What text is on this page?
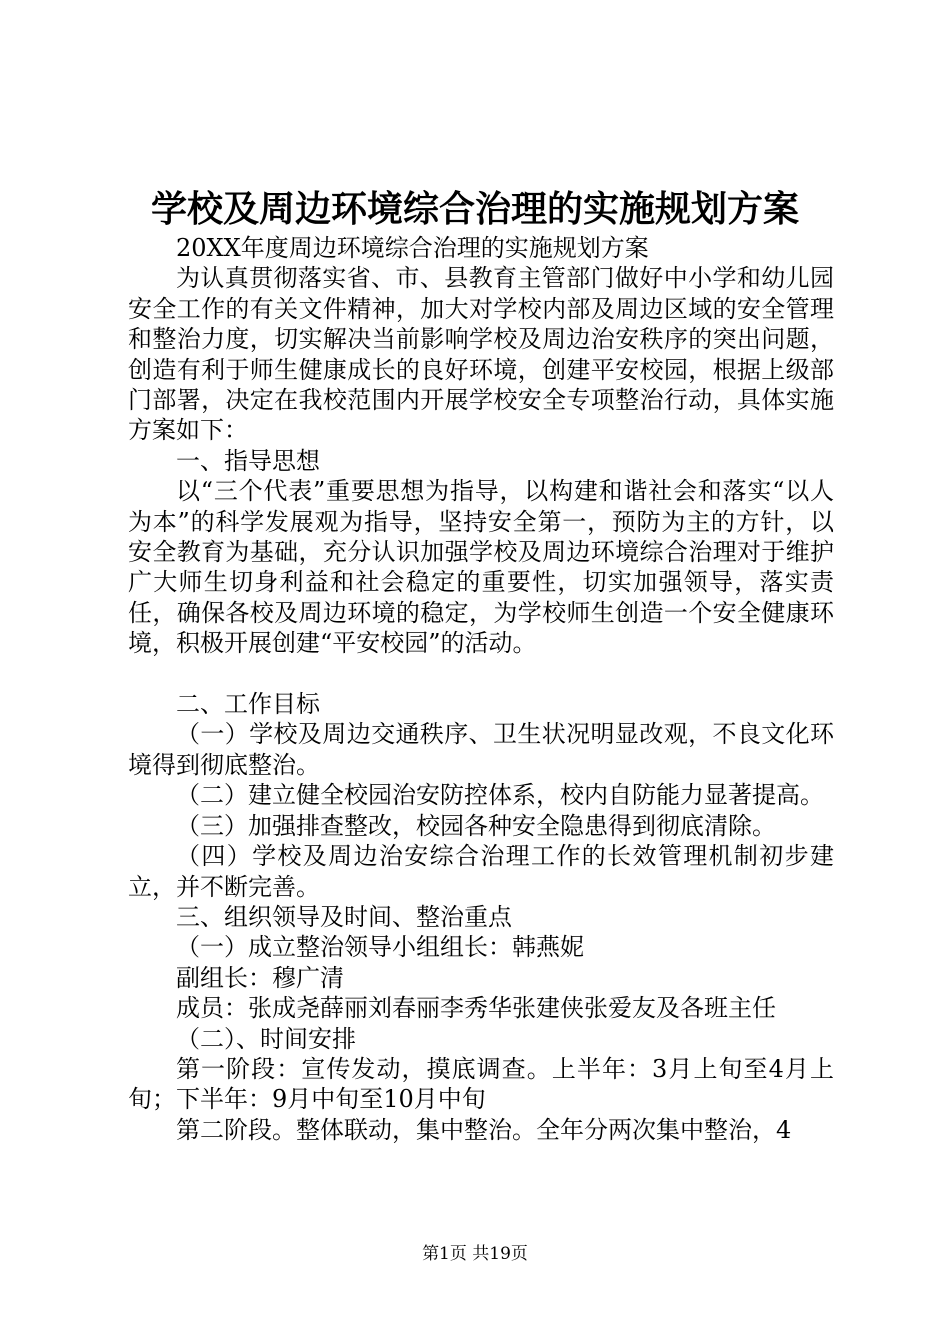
学校及周边环境综合治理的实施规划方案

20XX年度周边环境综合治理的实施规划方案

为认真贯彻落实省、市、县教育主管部门做好中小学和幼儿园安全工作的有关文件精神，加大对学校内部及周边区域的安全管理和整治力度，切实解决当前影响学校及周边治安秩序的突出问题，创造有利于师生健康成长的良好环境，创建平安校园，根据上级部门部署，决定在我校范围内开展学校安全专项整治行动，具体实施方案如下：

一、指导思想

以“三个代表”重要思想为指导，以构建和谐社会和落实“以人为本”的科学发展观为指导，坚持安全第一，预防为主的方针，以安全教育为基础，充分认识加强学校及周边环境综合治理对于维护广大师生切身利益和社会稳定的重要性，切实加强领导，落实责任，确保各校及周边环境的稳定，为学校师生创造一个安全健康环境，积极开展创建“平安校园”的活动。

二、工作目标

（一）学校及周边交通秩序、卫生状况明显改观，不良文化环境得到彻底整治。

（二）建立健全校园治安防控体系，校内自防能力显著提高。

（三）加强排查整改，校园各种安全隐患得到彻底清除。

（四）学校及周边治安综合治理工作的长效管理机制初步建立，并不断完善。

三、组织领导及时间、整治重点

（一）成立整治领导小组组长：韩燕妮

副组长：穆广清

成员：张成尧薛丽刘春丽李秀华张建侠张爱友及各班主任

（二）、时间安排

第一阶段：宣传发动，摸底调查。上半年：3月上旬至4月上旬；下半年：9月中旬至10月中旬

第二阶段。整体联动，集中整治。全年分两次集中整治，4

第1页 共19页
